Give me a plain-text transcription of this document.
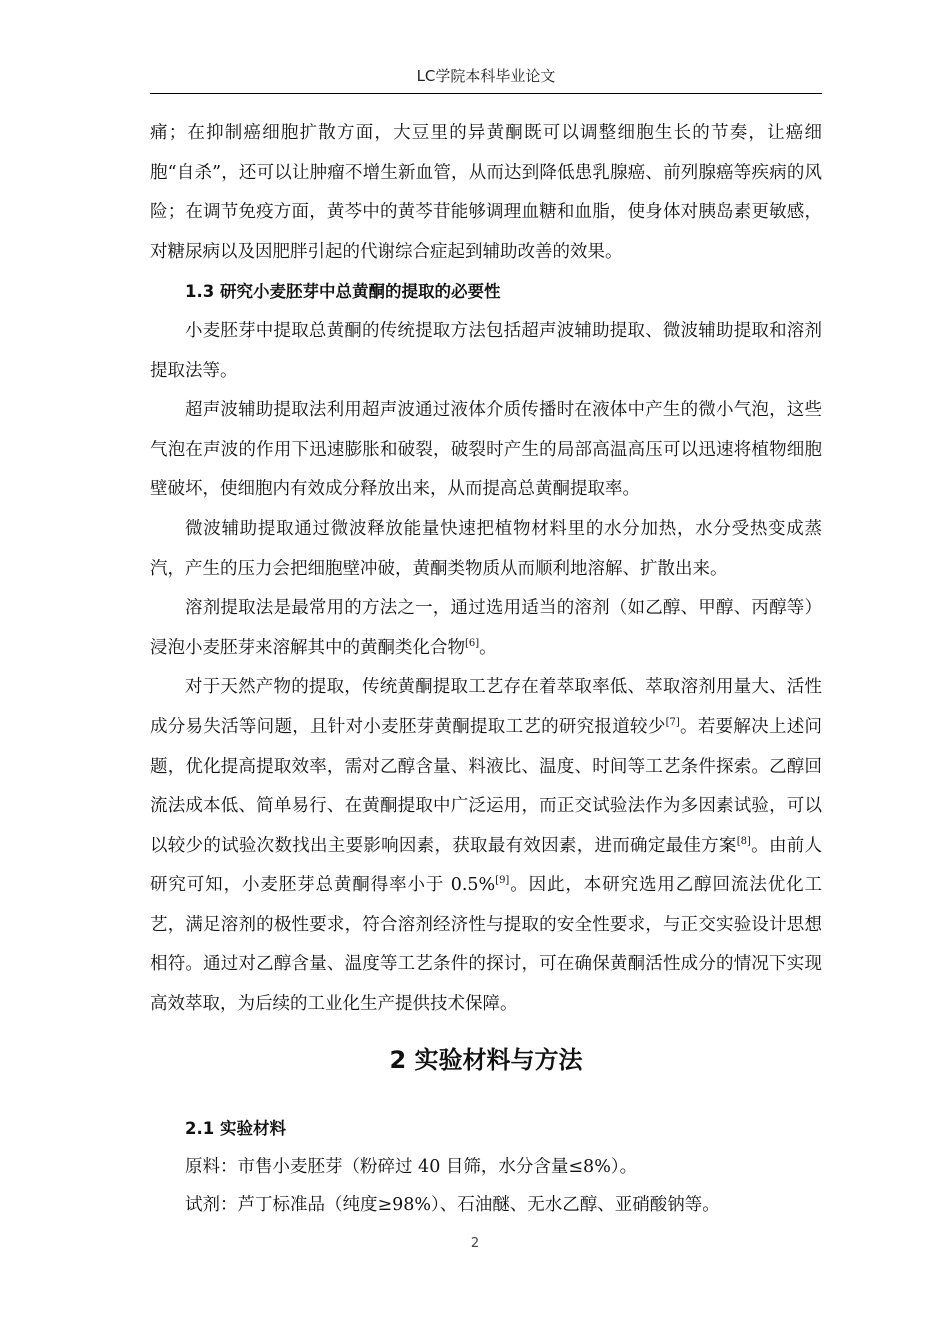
LC学院本科毕业论文

痛；在抑制癌细胞扩散方面，大豆里的异黄酮既可以调整细胞生长的节奏，让癌细胞“自杀”，还可以让肿瘤不增生新血管，从而达到降低患乳腺癌、前列腺癌等疾病的风险；在调节免疫方面，黄芩中的黄芩苷能够调理血糖和血脂，使身体对胰岛素更敏感，对糖尿病以及因肥胖引起的代谢综合症起到辅助改善的效果。

1.3 研究小麦胚芽中总黄酮的提取的必要性

小麦胚芽中提取总黄酮的传统提取方法包括超声波辅助提取、微波辅助提取和溶剂提取法等。

超声波辅助提取法利用超声波通过液体介质传播时在液体中产生的微小气泡，这些气泡在声波的作用下迅速膨胀和破裂，破裂时产生的局部高温高压可以迅速将植物细胞壁破坏，使细胞内有效成分释放出来，从而提高总黄酮提取率。

微波辅助提取通过微波释放能量快速把植物材料里的水分加热，水分受热变成蒸汽，产生的压力会把细胞壁冲破，黄酮类物质从而顺利地溶解、扩散出来。

溶剂提取法是最常用的方法之一，通过选用适当的溶剂（如乙醇、甲醇、丙醇等）浸泡小麦胚芽来溶解其中的黄酮类化合物[6]。

对于天然产物的提取，传统黄酮提取工艺存在着萃取率低、萃取溶剂用量大、活性成分易失活等问题，且针对小麦胚芽黄酮提取工艺的研究报道较少[7]。若要解决上述问题，优化提高提取效率，需对乙醇含量、料液比、温度、时间等工艺条件探索。乙醇回流法成本低、简单易行、在黄酮提取中广泛运用，而正交试验法作为多因素试验，可以以较少的试验次数找出主要影响因素，获取最有效因素，进而确定最佳方案[8]。由前人研究可知，小麦胚芽总黄酮得率小于 0.5%[9]。因此，本研究选用乙醇回流法优化工艺，满足溶剂的极性要求，符合溶剂经济性与提取的安全性要求，与正交实验设计思想相符。通过对乙醇含量、温度等工艺条件的探讨，可在确保黄酮活性成分的情况下实现高效萃取，为后续的工业化生产提供技术保障。

2 实验材料与方法

2.1 实验材料

原料：市售小麦胚芽（粉碎过 40 目筛，水分含量≤8%）。

试剂：芦丁标准品（纯度≥98%）、石油醚、无水乙醇、亚硝酸钠等。

2
